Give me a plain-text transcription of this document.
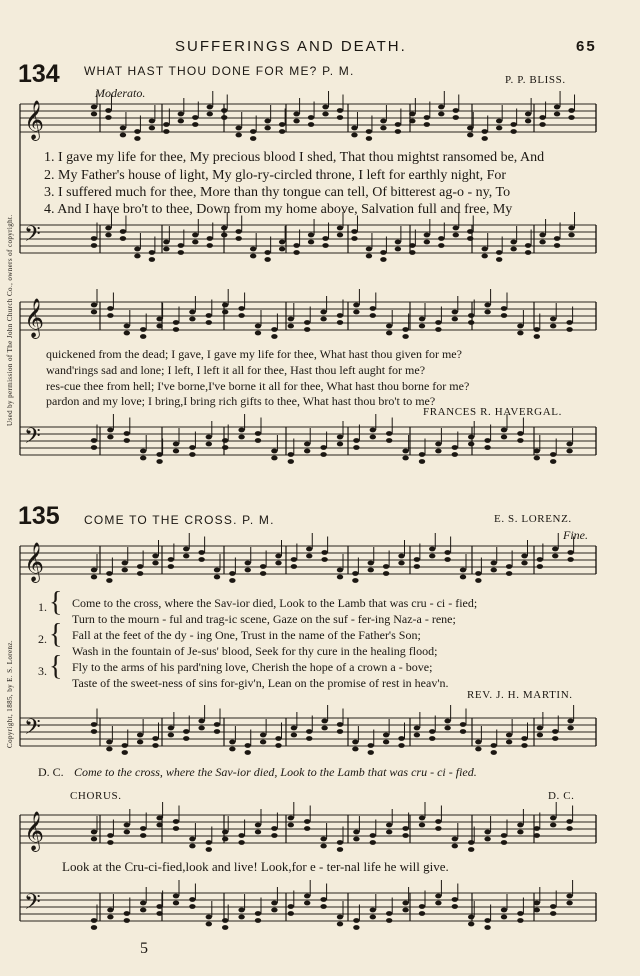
SUFFERINGS AND DEATH.	65
134 WHAT HAST THOU DONE FOR ME? P. M.
P. P. BLISS.
Moderato.
𝄞
𝄢
𝄞
𝄢
𝄞
𝄢
𝄞
𝄢
1. I gave my life for thee, My precious blood I shed, That thou mightst ransomed be, And
2. My Father's house of light, My glo-ry-circled throne, I left for earthly night, For
3. I suffered much for thee, More than thy tongue can tell, Of bitterest ag-o - ny, To
4. And I have bro't to thee, Down from my home above, Salvation full and free, My
quickened from the dead; I gave, I gave my life for thee, What hast thou given for me?
wand'rings sad and lone; I left, I left it all for thee, Hast thou left aught for me?
res-cue thee from hell; I've borne,I've borne it all for thee, What hast thou borne for me?
pardon and my love; I bring,I bring rich gifts to thee, What hast thou bro't to me?
FRANCES R. HAVERGAL.
Used by permission of The John Church Co., owners of copyright.
135 COME TO THE CROSS. P. M.	E. S. LORENZ.
Fine.
1.
2.
3.
{
{
{
Come to the cross, where the Sav-ior died, Look to the Lamb that was cru - ci - fied;
Turn to the mourn - ful and trag-ic scene, Gaze on the suf - fer-ing Naz-a - rene;
Fall at the feet of the dy - ing One, Trust in the name of the Father's Son;
Wash in the fountain of Je-sus' blood, Seek for thy cure in the healing flood;
Fly to the arms of his pard'ning love, Cherish the hope of a crown a - bove;
Taste of the sweet-ness of sins for-giv'n, Lean on the promise of rest in heav'n.
REV. J. H. MARTIN.
D. C. Come to the cross, where the Sav-ior died, Look to the Lamb that was cru - ci - fied.
CHORUS.	D. C.
Look at the Cru-ci-fied,look and live! Look,for e - ter-nal life he will give.
Copyright, 1885, by E. S. Lorenz.
5
